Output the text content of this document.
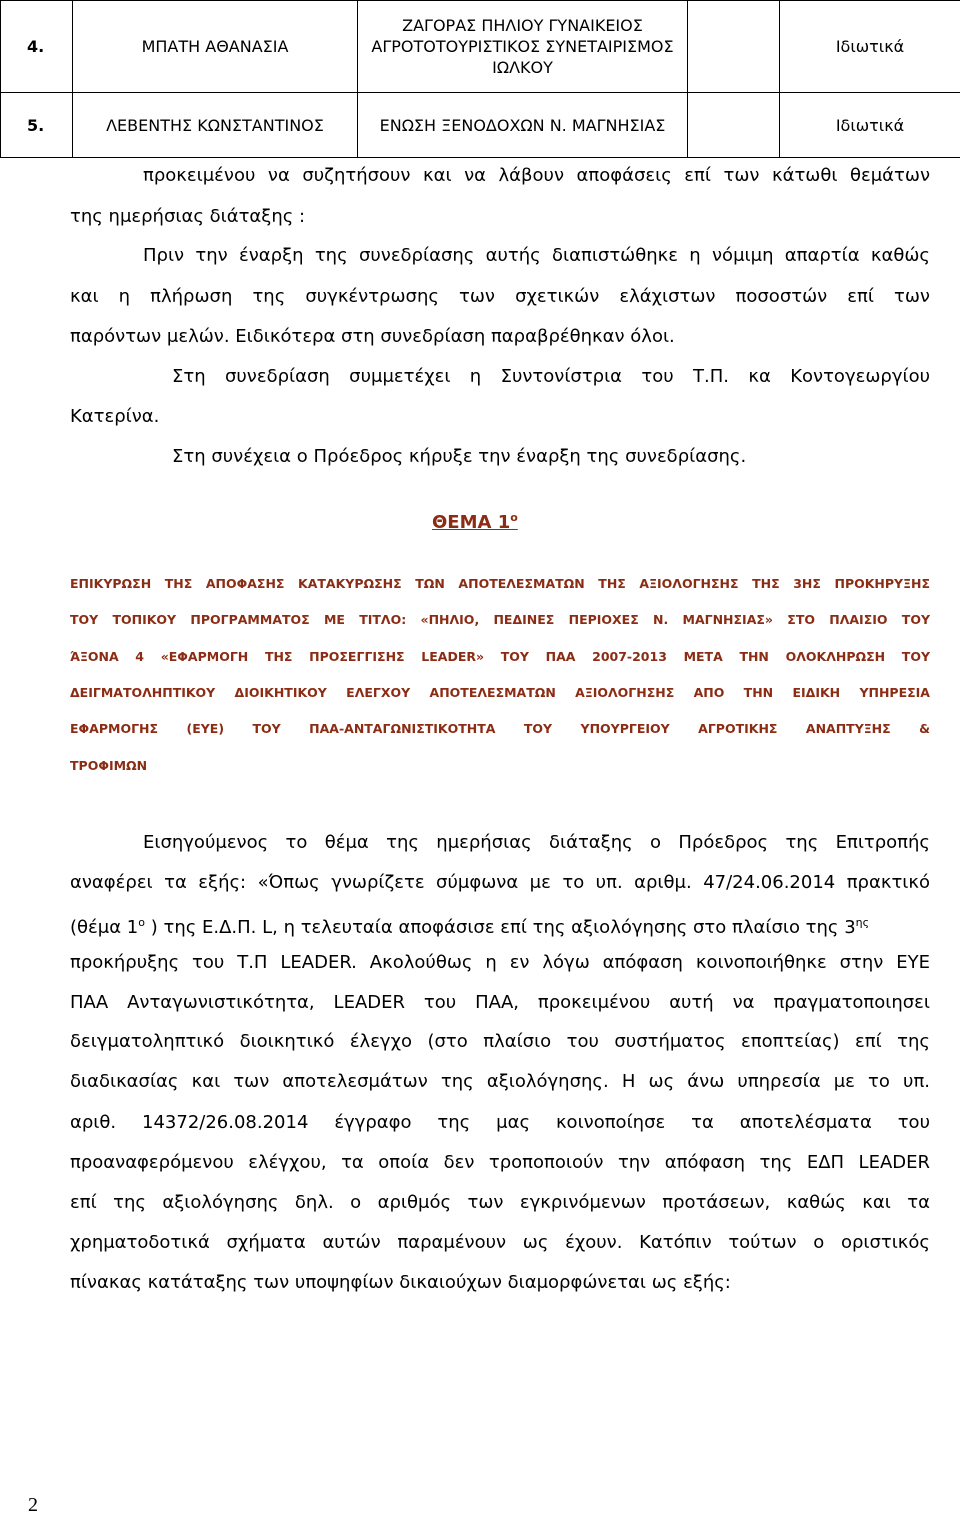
4.	ΜΠΑΤΗ ΑΘΑΝΑΣΙΑ	ΖΑΓΟΡΑΣ ΠΗΛΙΟΥ ΓΥΝΑΙΚΕΙΟΣ ΑΓΡΟΤΟΤΟΥΡΙΣΤΙΚΟΣ ΣΥΝΕΤΑΙΡΙΣΜΟΣ ΙΩΛΚΟΥ		Ιδιωτικά
5.	ΛΕΒΕΝΤΗΣ ΚΩΝΣΤΑΝΤΙΝΟΣ	ΕΝΩΣΗ ΞΕΝΟΔΟΧΩΝ Ν. ΜΑΓΝΗΣΙΑΣ		Ιδιωτικά
προκειμένου να συζητήσουν και να λάβουν αποφάσεις επί των κάτωθι θεμάτων
της ημερήσιας διάταξης :
Πριν την έναρξη της συνεδρίασης αυτής διαπιστώθηκε η νόμιμη απαρτία καθώς
και η πλήρωση της συγκέντρωσης των σχετικών ελάχιστων ποσοστών επί των
παρόντων μελών. Ειδικότερα στη συνεδρίαση παραβρέθηκαν όλοι.
Στη συνεδρίαση συμμετέχει η Συντονίστρια του Τ.Π. κα Κοντογεωργίου
Κατερίνα.
Στη συνέχεια ο Πρόεδρος κήρυξε την έναρξη της συνεδρίασης.
ΘΕΜΑ $1^o$
ΕΠΙΚΥΡΩΣΗ ΤΗΣ ΑΠΟΦΑΣΗΣ ΚΑΤΑΚΥΡΩΣΗΣ ΤΩΝ ΑΠΟΤΕΛΕΣΜΑΤΩΝ ΤΗΣ ΑΞΙΟΛΟΓΗΣΗΣ ΤΗΣ 3ΗΣ ΠΡΟΚΗΡΥΞΗΣ
ΤΟΥ ΤΟΠΙΚΟΥ ΠΡΟΓΡΑΜΜΑΤΟΣ ΜΕ ΤΙΤΛΟ: «ΠΗΛΙΟ, ΠΕΔΙΝΕΣ ΠΕΡΙΟΧΕΣ Ν. ΜΑΓΝΗΣΙΑΣ» ΣΤΟ ΠΛΑΙΣΙΟ ΤΟΥ
ΆΞΟΝΑ 4 «ΕΦΑΡΜΟΓΗ ΤΗΣ ΠΡΟΣΕΓΓΙΣΗΣ LEADER» ΤΟΥ ΠΑΑ 2007-2013 ΜΕΤΑ ΤΗΝ ΟΛΟΚΛΗΡΩΣΗ ΤΟΥ
ΔΕΙΓΜΑΤΟΛΗΠΤΙΚΟΥ ΔΙΟΙΚΗΤΙΚΟΥ ΕΛΕΓΧΟΥ ΑΠΟΤΕΛΕΣΜΑΤΩΝ ΑΞΙΟΛΟΓΗΣΗΣ ΑΠΟ ΤΗΝ ΕΙΔΙΚΗ ΥΠΗΡΕΣΙΑ
ΕΦΑΡΜΟΓΗΣ (ΕΥΕ) ΤΟΥ ΠΑΑ-ΑΝΤΑΓΩΝΙΣΤΙΚΟΤΗΤΑ ΤΟΥ ΥΠΟΥΡΓΕΙΟΥ ΑΓΡΟΤΙΚΗΣ ΑΝΑΠΤΥΞΗΣ &
ΤΡΟΦΙΜΩΝ
Εισηγούμενος το θέμα της ημερήσιας διάταξης ο Πρόεδρος της Επιτροπής
αναφέρει τα εξής: «Όπως γνωρίζετε σύμφωνα με το υπ. αριθμ. 47/24.06.2014 πρακτικό
(θέμα $1^o$ ) της Ε.Δ.Π. L, η τελευταία αποφάσισε επί της αξιολόγησης στο πλαίσιο της $3^{\eta\varsigma}$
προκήρυξης του Τ.Π LEADER. Ακολούθως η εν λόγω απόφαση κοινοποιήθηκε στην ΕΥΕ
ΠΑΑ Ανταγωνιστικότητα, LEADER του ΠΑΑ, προκειμένου αυτή να πραγματοποιησει
δειγματοληπτικό διοικητικό έλεγχο (στο πλαίσιο του συστήματος εποπτείας) επί της
διαδικασίας και των αποτελεσμάτων της αξιολόγησης. Η ως άνω υπηρεσία με το υπ.
αριθ. 14372/26.08.2014 έγγραφο της μας κοινοποίησε τα αποτελέσματα του
προαναφερόμενου ελέγχου, τα οποία δεν τροποποιούν την απόφαση της ΕΔΠ LEADER
επί της αξιολόγησης δηλ. ο αριθμός των εγκρινόμενων προτάσεων, καθώς και τα
χρηματοδοτικά σχήματα αυτών παραμένουν ως έχουν. Κατόπιν τούτων ο οριστικός
πίνακας κατάταξης των υποψηφίων δικαιούχων διαμορφώνεται ως εξής:
2
